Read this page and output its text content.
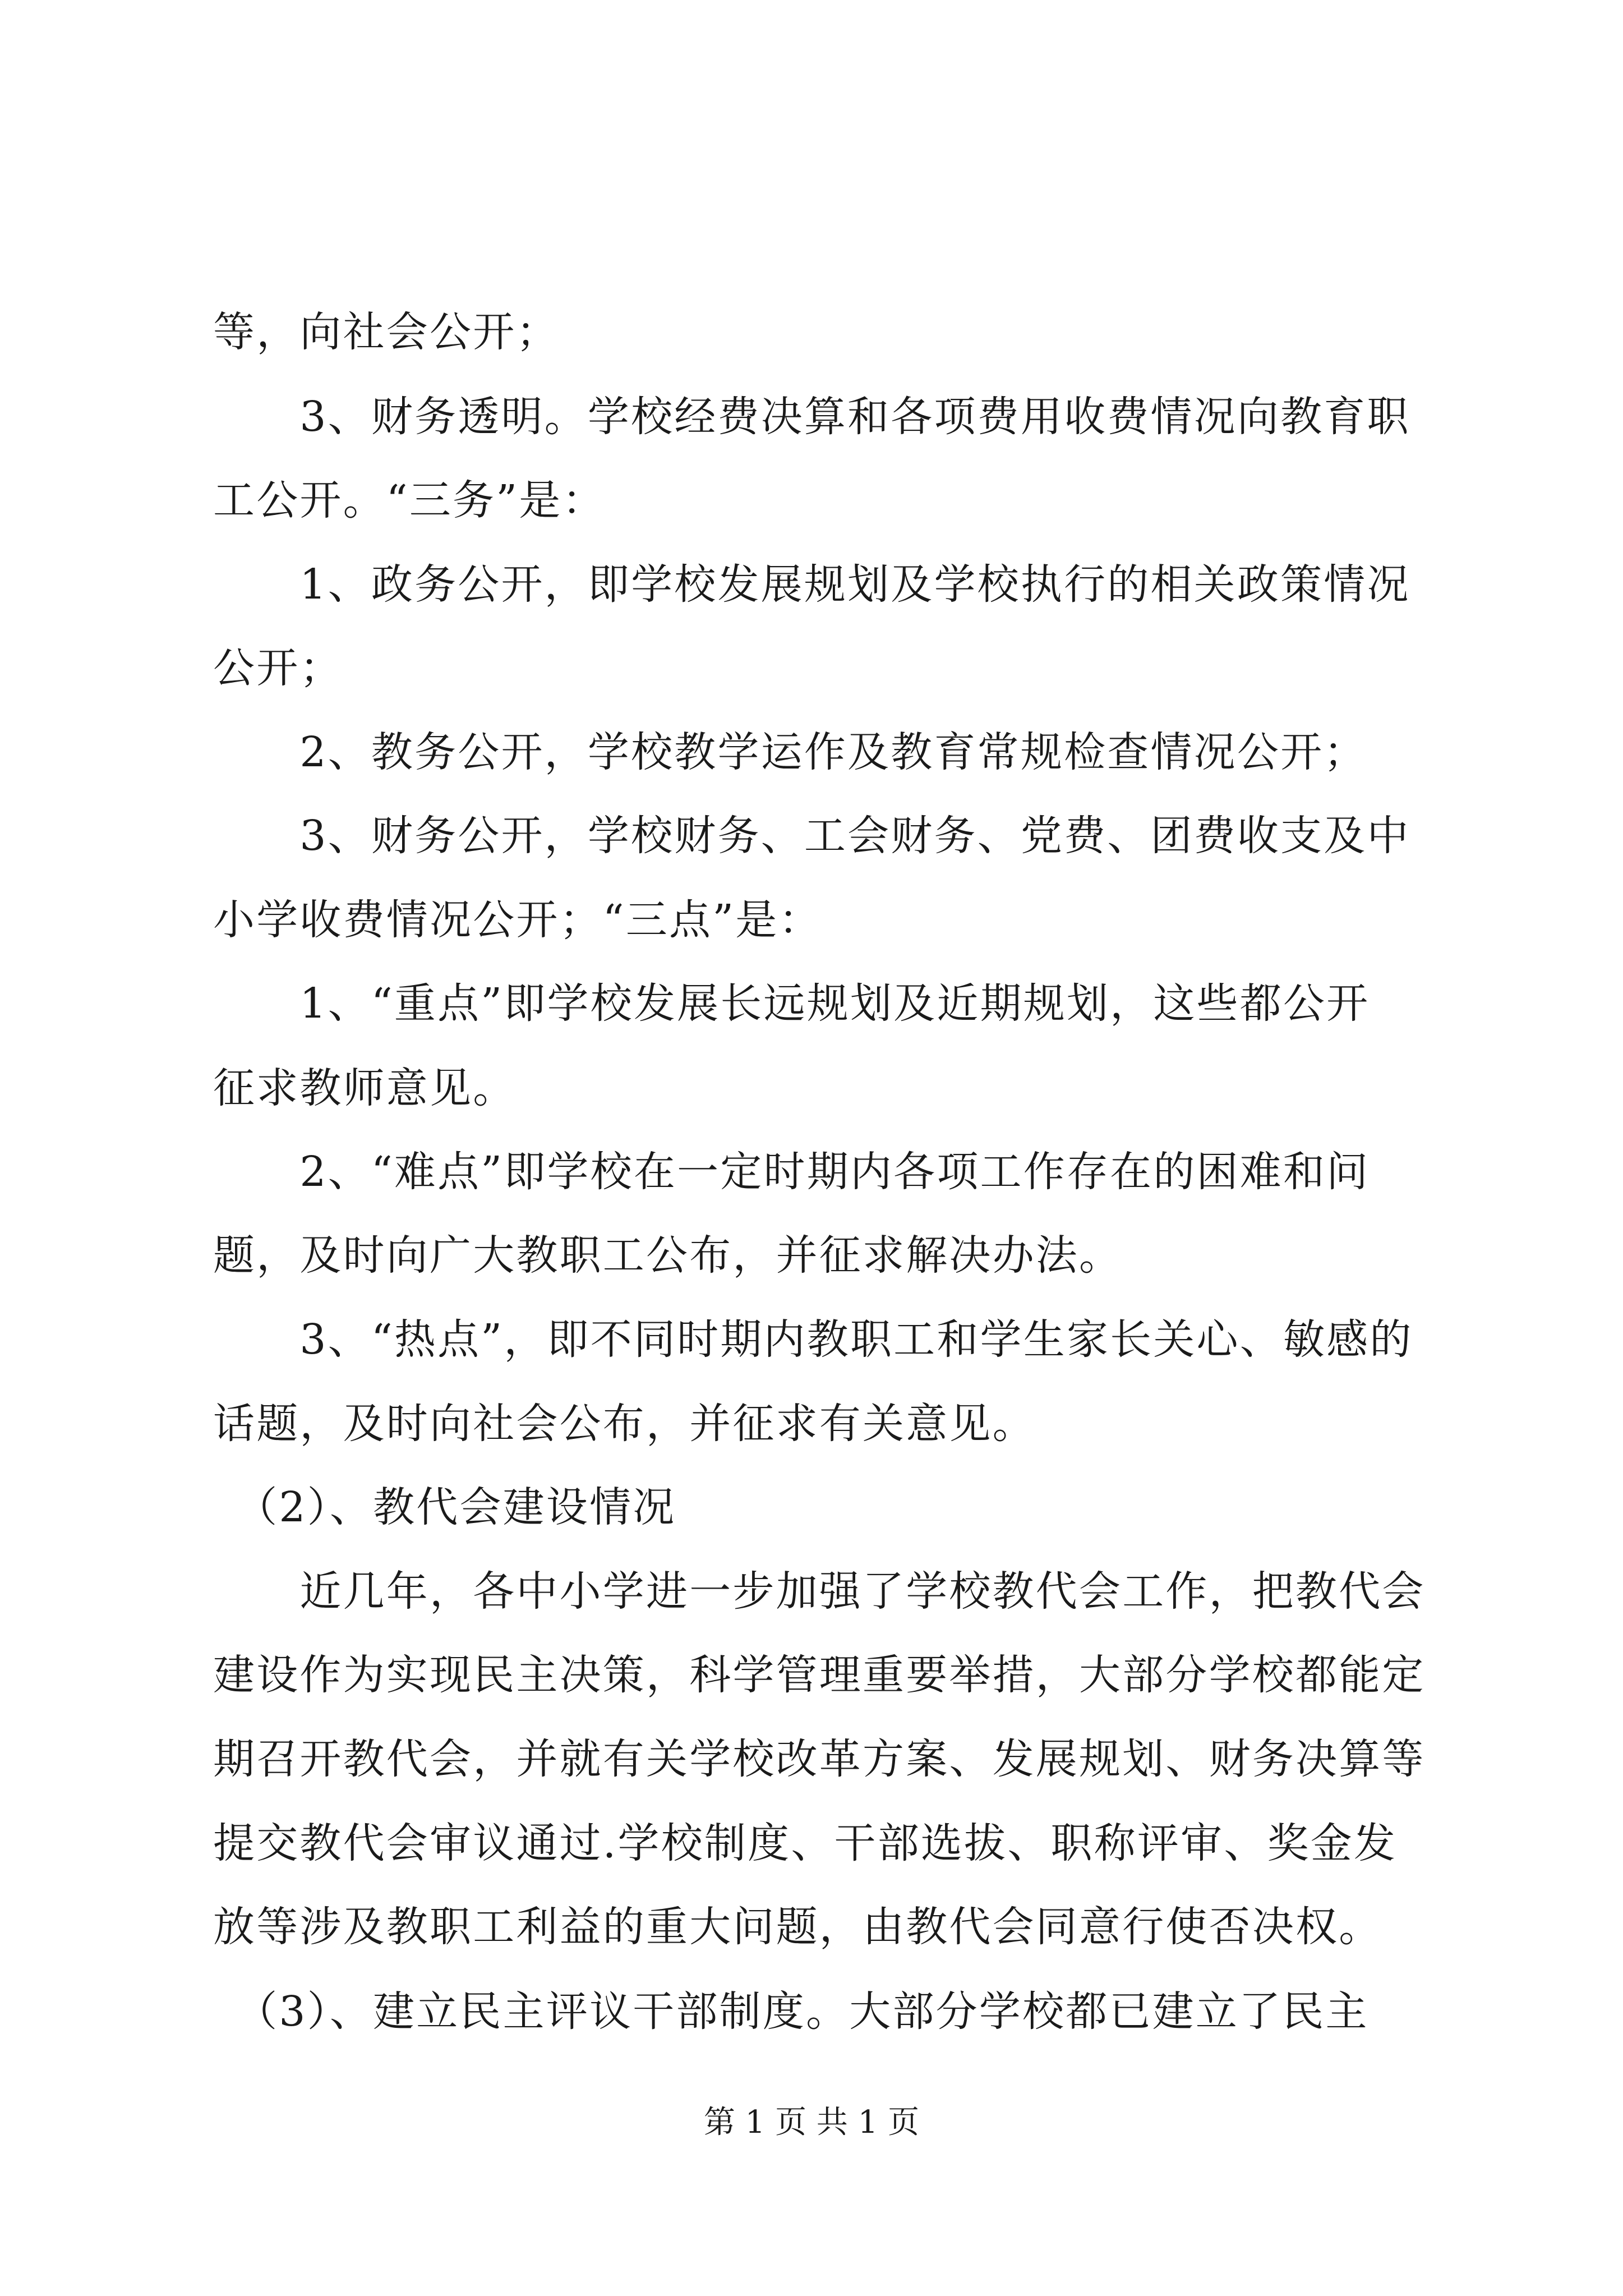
等，向社会公开；
　　3、财务透明。学校经费决算和各项费用收费情况向教育职
工公开。“三务”是：
　　1、政务公开，即学校发展规划及学校执行的相关政策情况
公开；
　　2、教务公开，学校教学运作及教育常规检查情况公开；
　　3、财务公开，学校财务、工会财务、党费、团费收支及中
小学收费情况公开；“三点”是：
　　1、“重点”即学校发展长远规划及近期规划，这些都公开
征求教师意见。
　　2、“难点”即学校在一定时期内各项工作存在的困难和问
题，及时向广大教职工公布，并征求解决办法。
　　3、“热点”，即不同时期内教职工和学生家长关心、敏感的
话题，及时向社会公布，并征求有关意见。
　（2）、教代会建设情况
　　近几年，各中小学进一步加强了学校教代会工作，把教代会
建设作为实现民主决策，科学管理重要举措，大部分学校都能定
期召开教代会，并就有关学校改革方案、发展规划、财务决算等
提交教代会审议通过.学校制度、干部选拔、职称评审、奖金发
放等涉及教职工利益的重大问题，由教代会同意行使否决权。
　（3）、建立民主评议干部制度。大部分学校都已建立了民主
第 1 页 共 1 页
